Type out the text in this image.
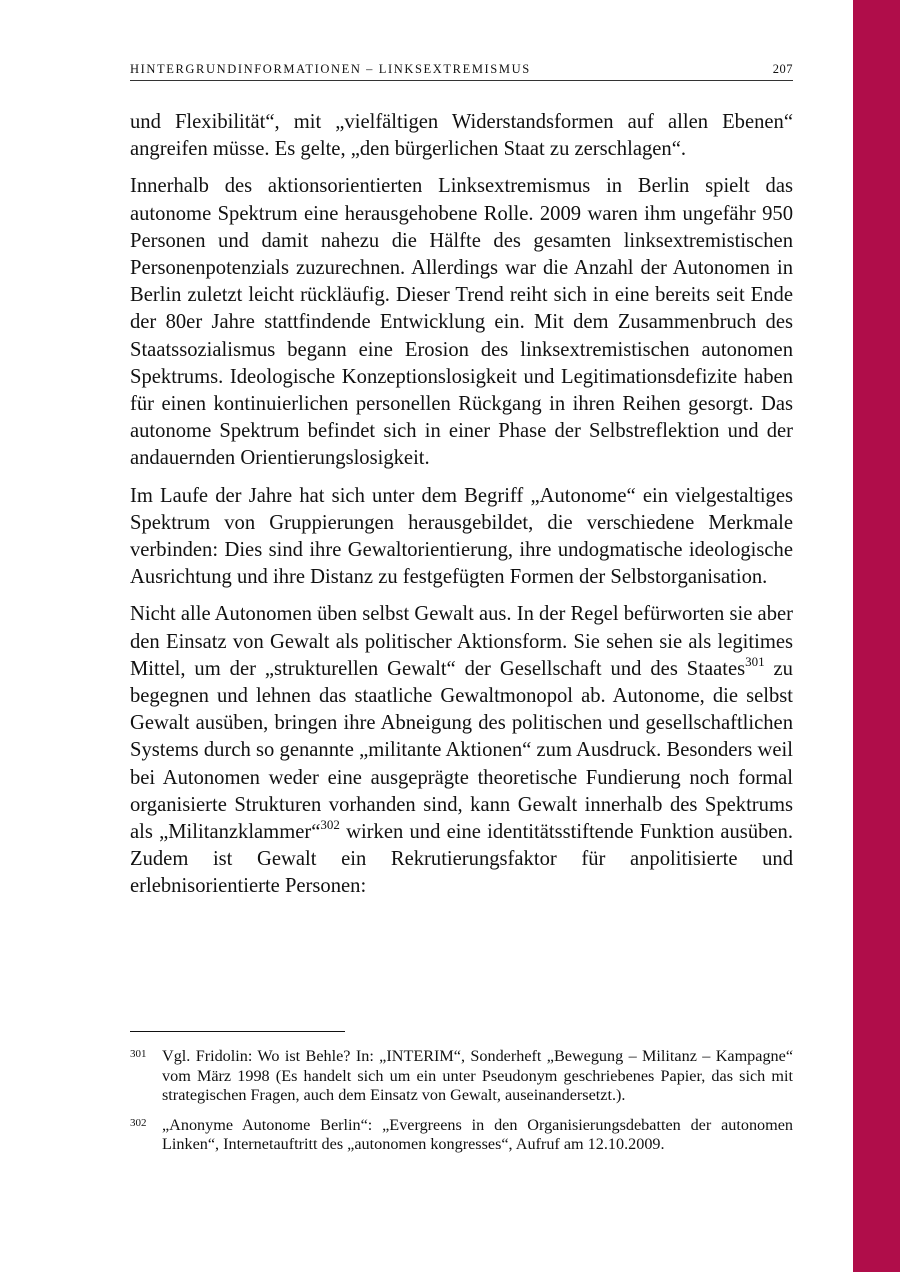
HINTERGRUNDINFORMATIONEN – LINKSEXTREMISMUS	207

und Flexibilität“, mit „vielfältigen Widerstandsformen auf allen Ebenen“ angreifen müsse. Es gelte, „den bürgerlichen Staat zu zerschlagen“.

Innerhalb des aktionsorientierten Linksextremismus in Berlin spielt das autonome Spektrum eine herausgehobene Rolle. 2009 waren ihm ungefähr 950 Personen und damit nahezu die Hälfte des gesamten linksextremistischen Personenpotenzials zuzurechnen. Allerdings war die Anzahl der Autonomen in Berlin zuletzt leicht rückläufig. Dieser Trend reiht sich in eine bereits seit Ende der 80er Jahre stattfindende Entwicklung ein. Mit dem Zusammenbruch des Staatssozialismus begann eine Erosion des linksextremistischen autonomen Spektrums. Ideologische Konzeptionslosigkeit und Legitimationsdefizite haben für einen kontinuierlichen personellen Rückgang in ihren Reihen gesorgt. Das autonome Spektrum befindet sich in einer Phase der Selbstreflektion und der andauernden Orientierungslosigkeit.

Im Laufe der Jahre hat sich unter dem Begriff „Autonome“ ein vielgestaltiges Spektrum von Gruppierungen herausgebildet, die verschiedene Merkmale verbinden: Dies sind ihre Gewaltorientierung, ihre undogmatische ideologische Ausrichtung und ihre Distanz zu festgefügten Formen der Selbstorganisation.

Nicht alle Autonomen üben selbst Gewalt aus. In der Regel befürworten sie aber den Einsatz von Gewalt als politischer Aktionsform. Sie sehen sie als legitimes Mittel, um der „strukturellen Gewalt“ der Gesellschaft und des Staates$^{301}$ zu begegnen und lehnen das staatliche Gewaltmonopol ab. Autonome, die selbst Gewalt ausüben, bringen ihre Abneigung des politischen und gesellschaftlichen Systems durch so genannte „militante Aktionen“ zum Ausdruck. Besonders weil bei Autonomen weder eine ausgeprägte theoretische Fundierung noch formal organisierte Strukturen vorhanden sind, kann Gewalt innerhalb des Spektrums als „Militanzklammer“$^{302}$ wirken und eine identitätsstiftende Funktion ausüben. Zudem ist Gewalt ein Rekrutierungsfaktor für anpolitisierte und erlebnisorientierte Personen:

301 Vgl. Fridolin: Wo ist Behle? In: „INTERIM“, Sonderheft „Bewegung – Militanz – Kampagne“ vom März 1998 (Es handelt sich um ein unter Pseudonym geschriebenes Papier, das sich mit strategischen Fragen, auch dem Einsatz von Gewalt, auseinandersetzt.).
302 „Anonyme Autonome Berlin“: „Evergreens in den Organisierungsdebatten der autonomen Linken“, Internetauftritt des „autonomen kongresses“, Aufruf am 12.10.2009.
